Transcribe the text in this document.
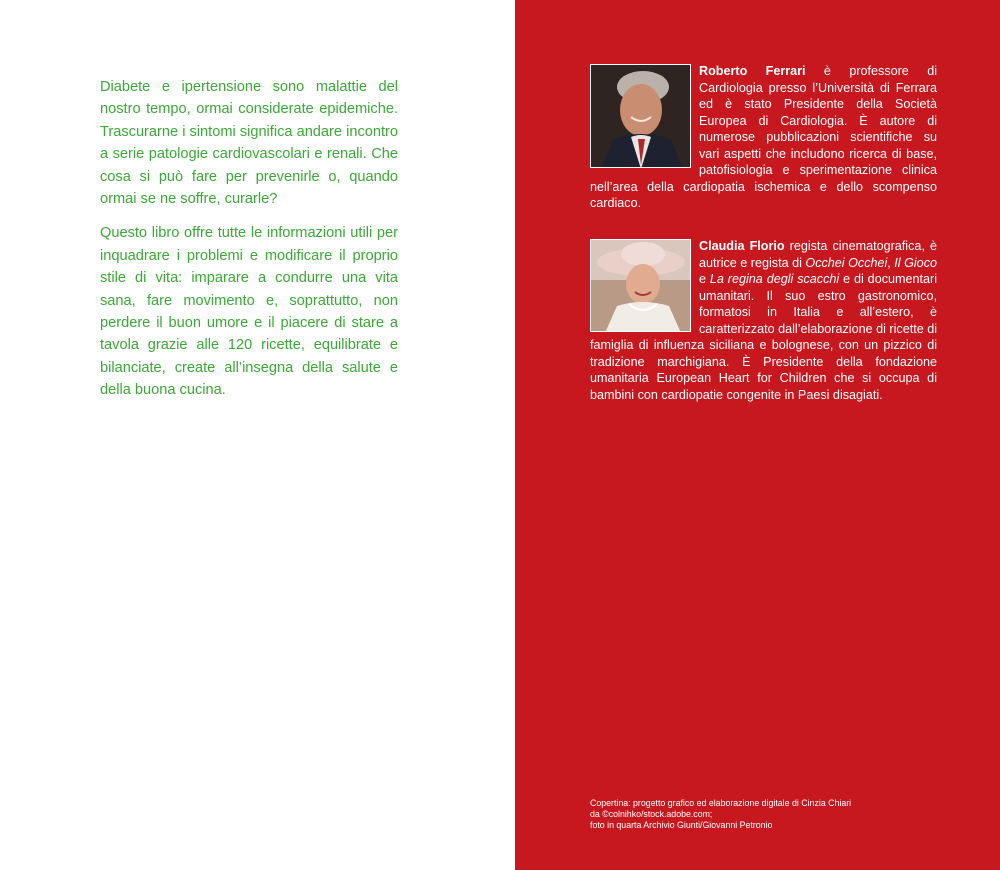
Diabete e ipertensione sono malattie del nostro tempo, ormai considerate epidemiche. Trascurarne i sintomi significa andare incontro a serie patologie cardiovascolari e renali. Che cosa si può fare per prevenirle o, quando ormai se ne soffre, curarle?

Questo libro offre tutte le informazioni utili per inquadrare i problemi e modificare il proprio stile di vita: imparare a condurre una vita sana, fare movimento e, soprattutto, non perdere il buon umore e il piacere di stare a tavola grazie alle 120 ricette, equilibrate e bilanciate, create all’insegna della salute e della buona cucina.

Roberto Ferrari è professore di Cardiologia presso l’Università di Ferrara ed è stato Presidente della Società Europea di Cardiologia. È autore di numerose pubblicazioni scientifiche su vari aspetti che includono ricerca di base, patofisiologia e sperimentazione clinica nell’area della cardiopatia ischemica e dello scompenso cardiaco.
Claudia Florio regista cinematografica, è autrice e regista di Occhei Occhei, Il Gioco e La regina degli scacchi e di documentari umanitari. Il suo estro gastronomico, formatosi in Italia e all’estero, è caratterizzato dall’elaborazione di ricette di famiglia di influenza siciliana e bolognese, con un pizzico di tradizione marchigiana. È Presidente della fondazione umanitaria European Heart for Children che si occupa di bambini con cardiopatie congenite in Paesi disagiati.
Copertina: progetto grafico ed elaborazione digitale di Cinzia Chiari
da ©colnihko/stock.adobe.com;
foto in quarta Archivio Giunti/Giovanni Petronio
